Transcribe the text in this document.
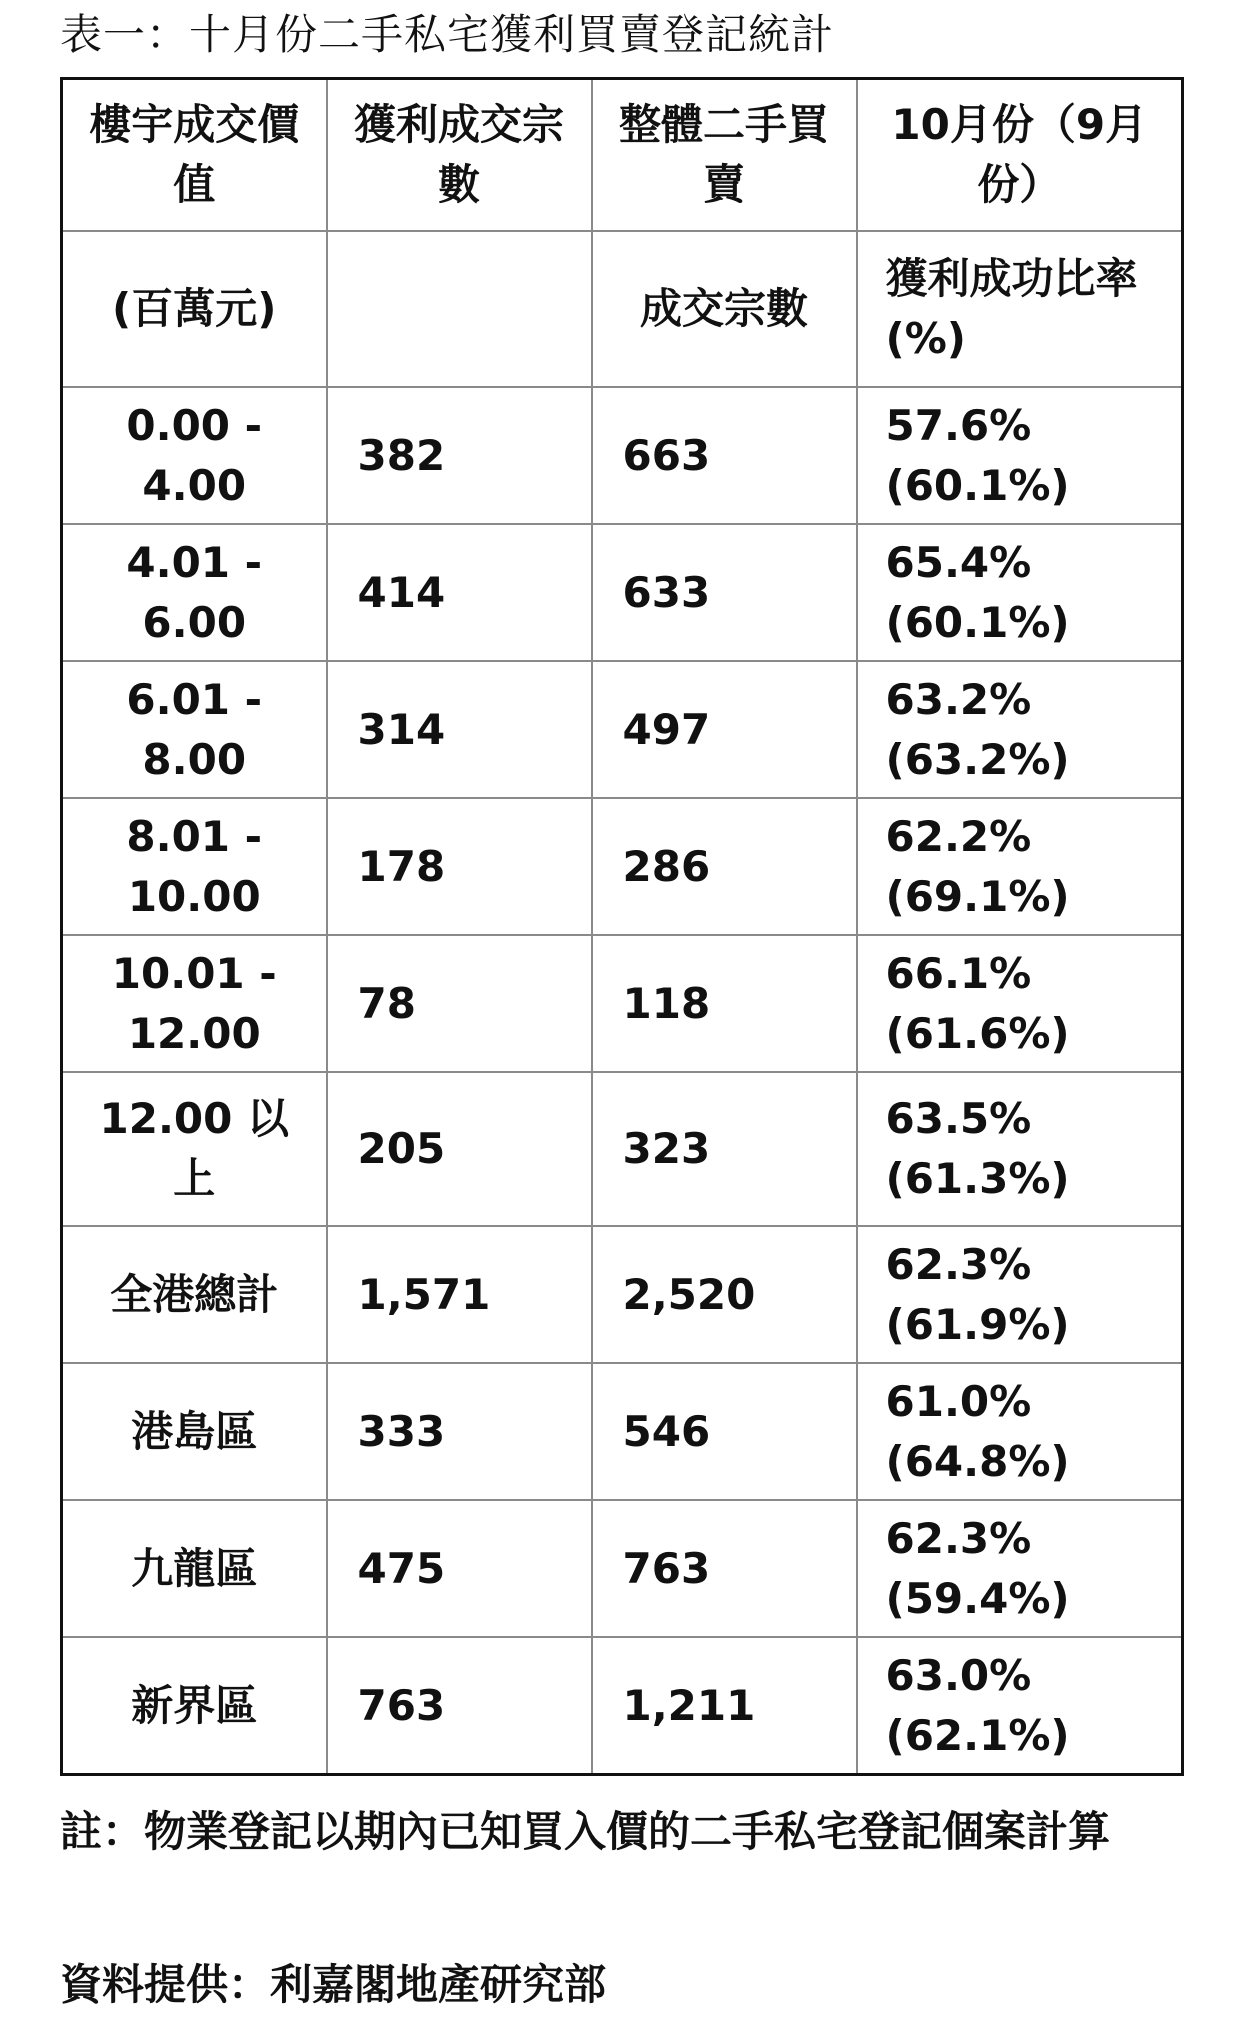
表一：十月份二手私宅獲利買賣登記統計
樓宇成交價值	獲利成交宗數	整體二手買賣	10月份（9月份）
(百萬元)		成交宗數	獲利成功比率(%)
0.00 - 4.00	382	663	57.6%
(60.1%)
4.01 - 6.00	414	633	65.4%
(60.1%)
6.01 - 8.00	314	497	63.2%
(63.2%)
8.01 - 10.00	178	286	62.2%
(69.1%)
10.01 - 12.00	78	118	66.1%
(61.6%)
12.00 以上	205	323	63.5%
(61.3%)
全港總計	1,571	2,520	62.3%
(61.9%)
港島區	333	546	61.0%
(64.8%)
九龍區	475	763	62.3%
(59.4%)
新界區	763	1,211	63.0%
(62.1%)
註：物業登記以期內已知買入價的二手私宅登記個案計算
資料提供：利嘉閣地產研究部
